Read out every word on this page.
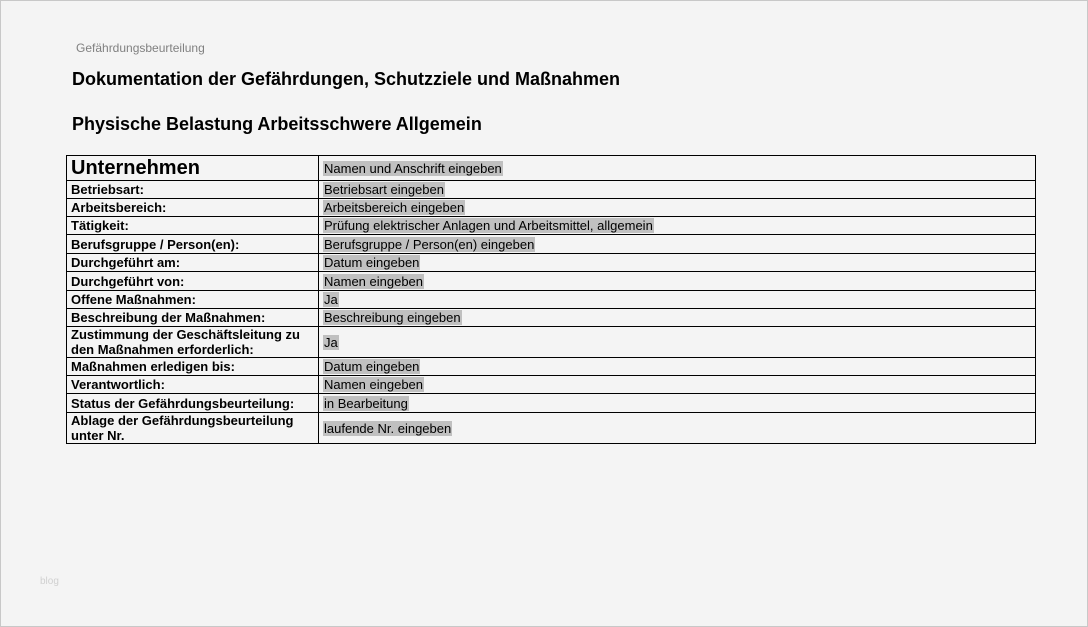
Gefährdungsbeurteilung
Dokumentation der Gefährdungen, Schutzziele und Maßnahmen
Physische Belastung Arbeitsschwere Allgemein
Unternehmen	Namen und Anschrift eingeben
Betriebsart:	Betriebsart eingeben
Arbeitsbereich:	Arbeitsbereich eingeben
Tätigkeit:	Prüfung elektrischer Anlagen und Arbeitsmittel, allgemein
Berufsgruppe / Person(en):	Berufsgruppe / Person(en) eingeben
Durchgeführt am:	Datum eingeben
Durchgeführt von:	Namen eingeben
Offene Maßnahmen:	Ja
Beschreibung der Maßnahmen:	Beschreibung eingeben
Zustimmung der Geschäftsleitung zu den Maßnahmen erforderlich:	Ja
Maßnahmen erledigen bis:	Datum eingeben
Verantwortlich:	Namen eingeben
Status der Gefährdungsbeurteilung:	in Bearbeitung
Ablage der Gefährdungsbeurteilung unter Nr.	laufende Nr. eingeben
blog
